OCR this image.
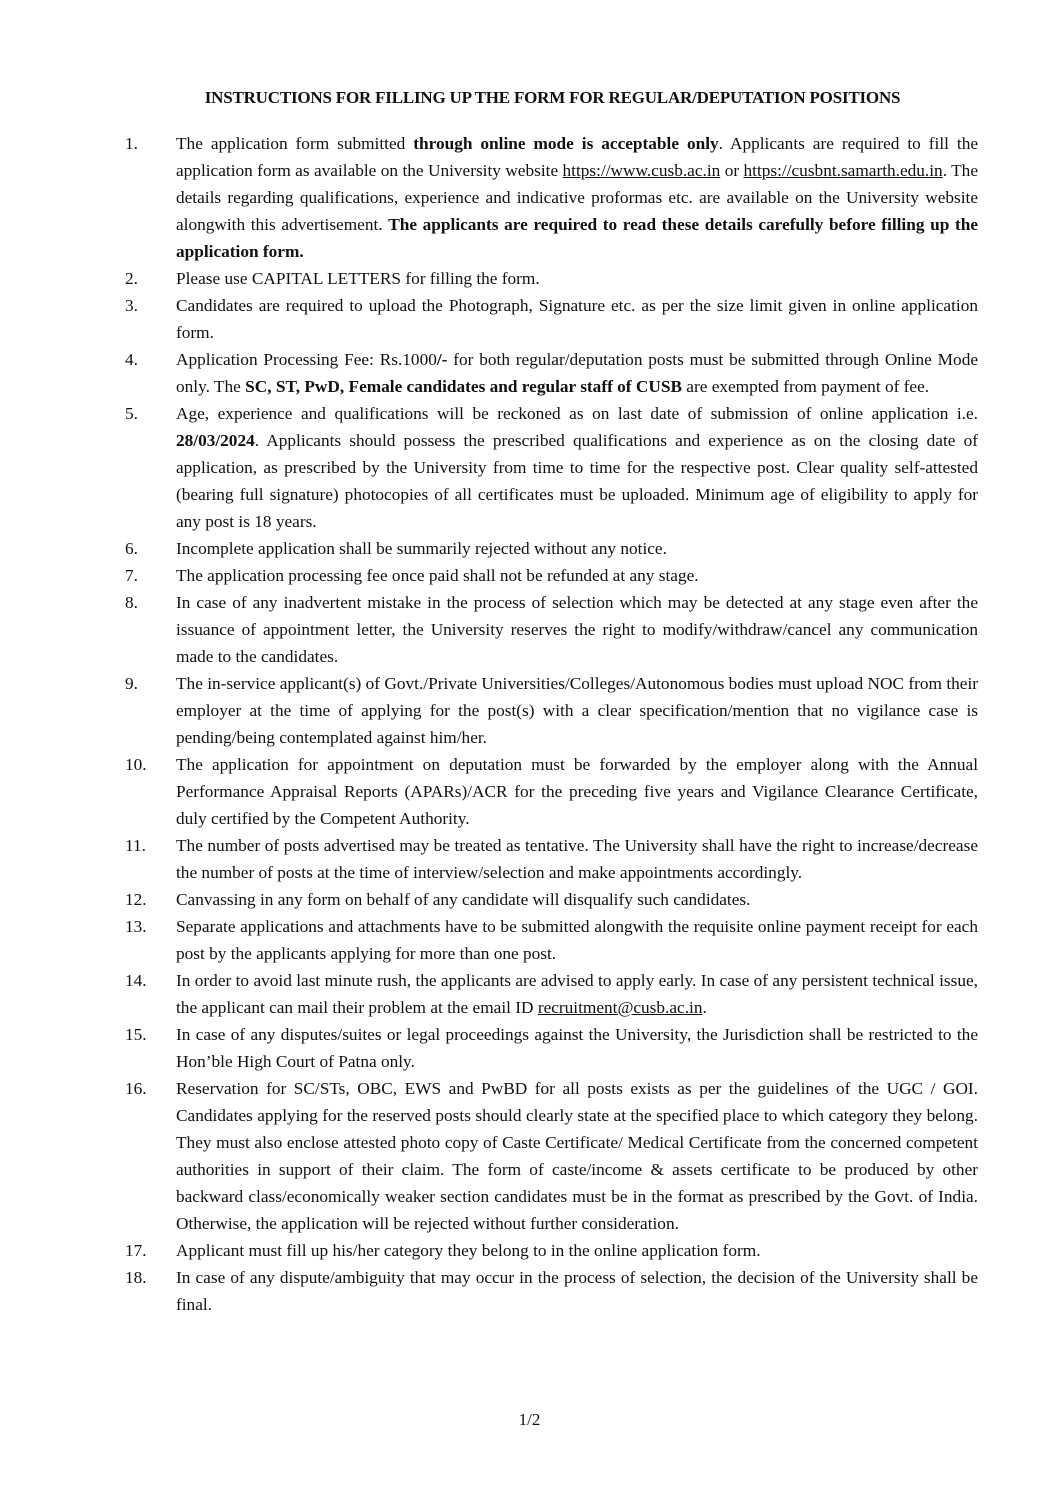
INSTRUCTIONS FOR FILLING UP THE FORM FOR REGULAR/DEPUTATION POSITIONS
1.	The application form submitted through online mode is acceptable only. Applicants are required to fill the application form as available on the University website https://www.cusb.ac.in or https://cusbnt.samarth.edu.in. The details regarding qualifications, experience and indicative proformas etc. are available on the University website alongwith this advertisement. The applicants are required to read these details carefully before filling up the application form.
2.	Please use CAPITAL LETTERS for filling the form.
3.	Candidates are required to upload the Photograph, Signature etc. as per the size limit given in online application form.
4.	Application Processing Fee: Rs.1000/- for both regular/deputation posts must be submitted through Online Mode only. The SC, ST, PwD, Female candidates and regular staff of CUSB are exempted from payment of fee.
5.	Age, experience and qualifications will be reckoned as on last date of submission of online application i.e. 28/03/2024. Applicants should possess the prescribed qualifications and experience as on the closing date of application, as prescribed by the University from time to time for the respective post. Clear quality self-attested (bearing full signature) photocopies of all certificates must be uploaded. Minimum age of eligibility to apply for any post is 18 years.
6.	Incomplete application shall be summarily rejected without any notice.
7.	The application processing fee once paid shall not be refunded at any stage.
8.	In case of any inadvertent mistake in the process of selection which may be detected at any stage even after the issuance of appointment letter, the University reserves the right to modify/withdraw/cancel any communication made to the candidates.
9.	The in-service applicant(s) of Govt./Private Universities/Colleges/Autonomous bodies must upload NOC from their employer at the time of applying for the post(s) with a clear specification/mention that no vigilance case is pending/being contemplated against him/her.
10.	The application for appointment on deputation must be forwarded by the employer along with the Annual Performance Appraisal Reports (APARs)/ACR for the preceding five years and Vigilance Clearance Certificate, duly certified by the Competent Authority.
11.	The number of posts advertised may be treated as tentative. The University shall have the right to increase/decrease the number of posts at the time of interview/selection and make appointments accordingly.
12.	Canvassing in any form on behalf of any candidate will disqualify such candidates.
13.	Separate applications and attachments have to be submitted alongwith the requisite online payment receipt for each post by the applicants applying for more than one post.
14.	In order to avoid last minute rush, the applicants are advised to apply early. In case of any persistent technical issue, the applicant can mail their problem at the email ID recruitment@cusb.ac.in.
15.	In case of any disputes/suites or legal proceedings against the University, the Jurisdiction shall be restricted to the Hon’ble High Court of Patna only.
16.	Reservation for SC/STs, OBC, EWS and PwBD for all posts exists as per the guidelines of the UGC / GOI. Candidates applying for the reserved posts should clearly state at the specified place to which category they belong. They must also enclose attested photo copy of Caste Certificate/ Medical Certificate from the concerned competent authorities in support of their claim. The form of caste/income & assets certificate to be produced by other backward class/economically weaker section candidates must be in the format as prescribed by the Govt. of India. Otherwise, the application will be rejected without further consideration.
17.	Applicant must fill up his/her category they belong to in the online application form.
18.	In case of any dispute/ambiguity that may occur in the process of selection, the decision of the University shall be final.
1/2
